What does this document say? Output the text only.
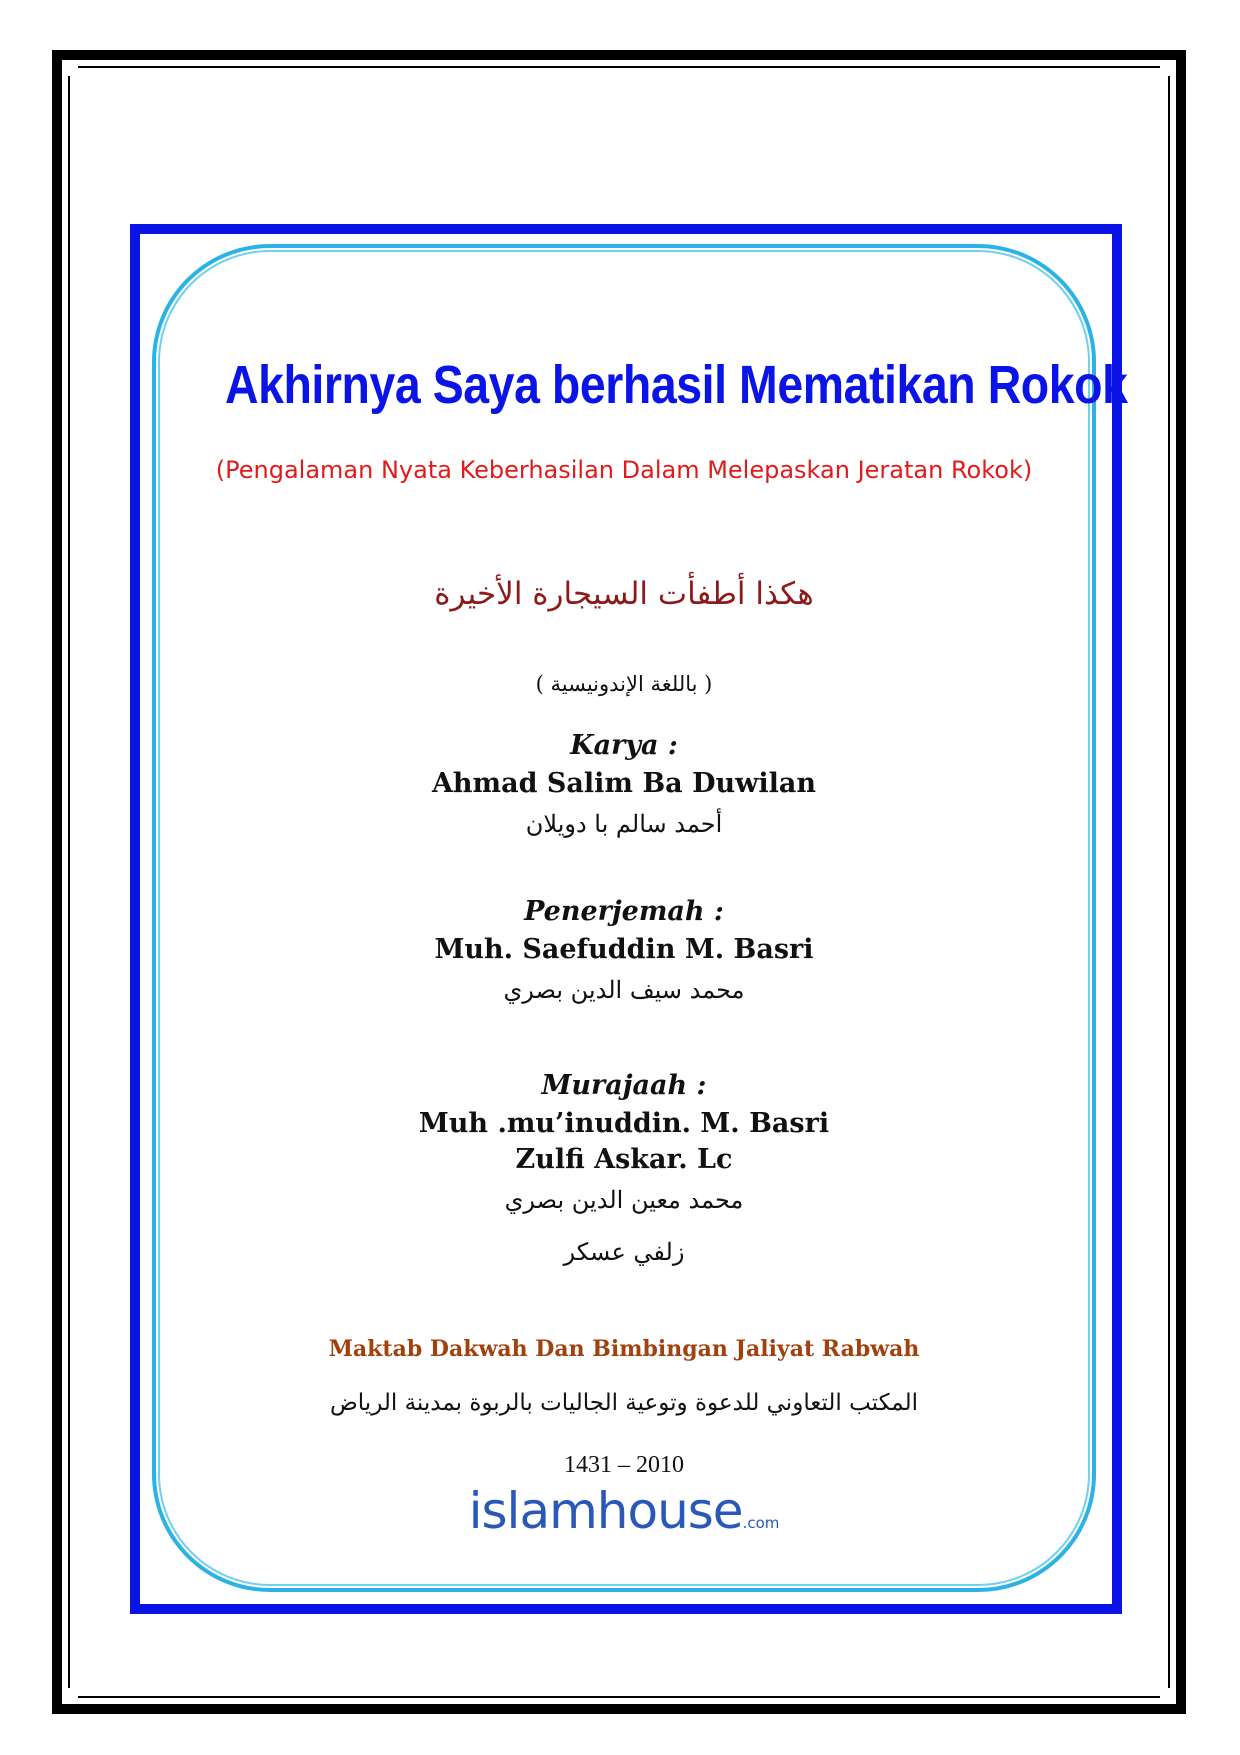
Akhirnya Saya berhasil Mematikan Rokok
(Pengalaman Nyata Keberhasilan Dalam Melepaskan Jeratan Rokok)
هكذا أطفأت السيجارة الأخيرة
( باللغة الإندونيسية )
Karya :
Ahmad Salim Ba Duwilan
أحمد سالم با دويلان
Penerjemah :
Muh. Saefuddin M. Basri
محمد سيف الدين بصري
Murajaah :
Muh .mu’inuddin. M. Basri
Zulfi Askar. Lc
محمد معين الدين بصري
زلفي عسكر
Maktab Dakwah Dan Bimbingan Jaliyat Rabwah
المكتب التعاوني للدعوة وتوعية الجاليات بالربوة بمدينة الرياض
1431 – 2010
islamhouse.com
